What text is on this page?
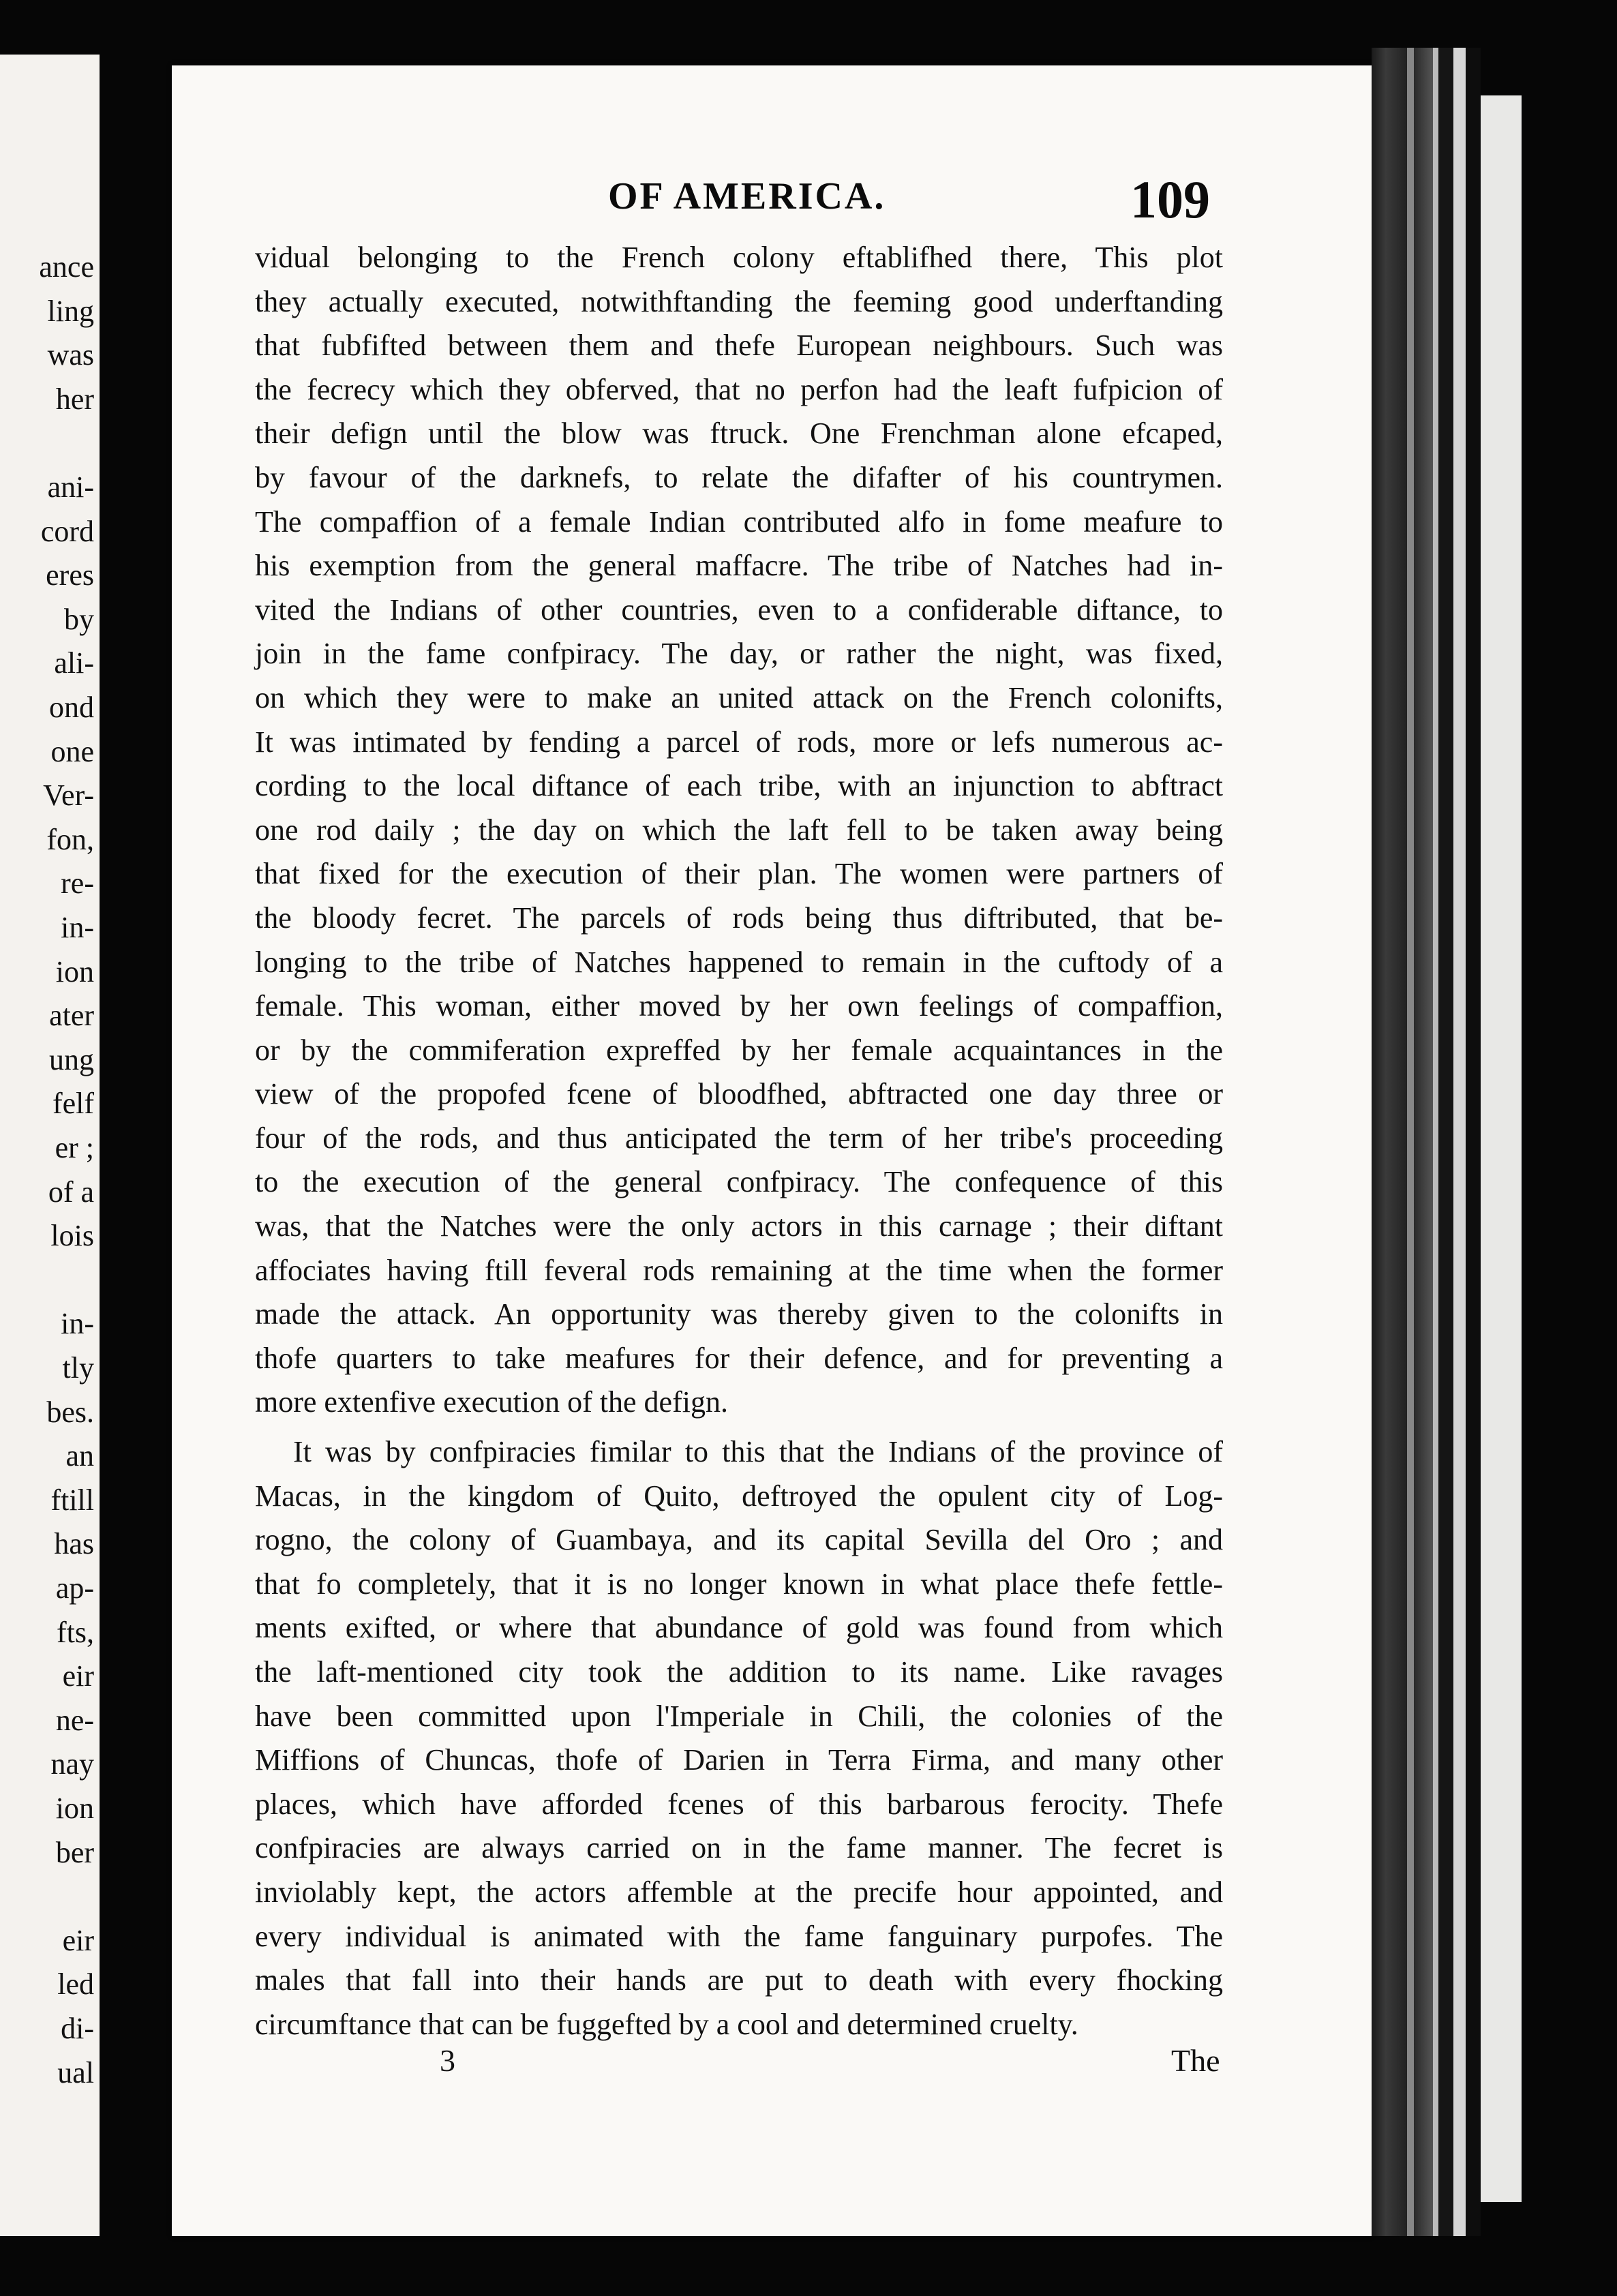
ance
ling
was
her
ani-
cord
eres
by
ali-
ond
one
Ver-
fon,
re-
in-
ion
ater
ung
felf
er ;
of a
lois
in-
tly
bes.
an
ftill
has
ap-
fts,
eir
ne-
nay
ion
ber
eir
led
di-
ual
OF AMERICA.	109
vidual belonging to the French colony eftablifhed there, This plot
they actually executed, notwithftanding the feeming good underftanding
that fubfifted between them and thefe European neighbours. Such was
the fecrecy which they obferved, that no perfon had the leaft fufpicion of
their defign until the blow was ftruck. One Frenchman alone efcaped,
by favour of the darknefs, to relate the difafter of his countrymen.
The compaffion of a female Indian contributed alfo in fome meafure to
his exemption from the general maffacre. The tribe of Natches had in-
vited the Indians of other countries, even to a confiderable diftance, to
join in the fame confpiracy. The day, or rather the night, was fixed,
on which they were to make an united attack on the French colonifts,
It was intimated by fending a parcel of rods, more or lefs numerous ac-
cording to the local diftance of each tribe, with an injunction to abftract
one rod daily ; the day on which the laft fell to be taken away being
that fixed for the execution of their plan. The women were partners of
the bloody fecret. The parcels of rods being thus diftributed, that be-
longing to the tribe of Natches happened to remain in the cuftody of a
female. This woman, either moved by her own feelings of compaffion,
or by the commiferation expreffed by her female acquaintances in the
view of the propofed fcene of bloodfhed, abftracted one day three or
four of the rods, and thus anticipated the term of her tribe's proceeding
to the execution of the general confpiracy. The confequence of this
was, that the Natches were the only actors in this carnage ; their diftant
affociates having ftill feveral rods remaining at the time when the former
made the attack. An opportunity was thereby given to the colonifts in
thofe quarters to take meafures for their defence, and for preventing a
more extenfive execution of the defign.
It was by confpiracies fimilar to this that the Indians of the province of
Macas, in the kingdom of Quito, deftroyed the opulent city of Log-
rogno, the colony of Guambaya, and its capital Sevilla del Oro ; and
that fo completely, that it is no longer known in what place thefe fettle-
ments exifted, or where that abundance of gold was found from which
the laft-mentioned city took the addition to its name. Like ravages
have been committed upon l'Imperiale in Chili, the colonies of the
Miffions of Chuncas, thofe of Darien in Terra Firma, and many other
places, which have afforded fcenes of this barbarous ferocity. Thefe
confpiracies are always carried on in the fame manner. The fecret is
inviolably kept, the actors affemble at the precife hour appointed, and
every individual is animated with the fame fanguinary purpofes. The
males that fall into their hands are put to death with every fhocking
circumftance that can be fuggefted by a cool and determined cruelty.
3	The
